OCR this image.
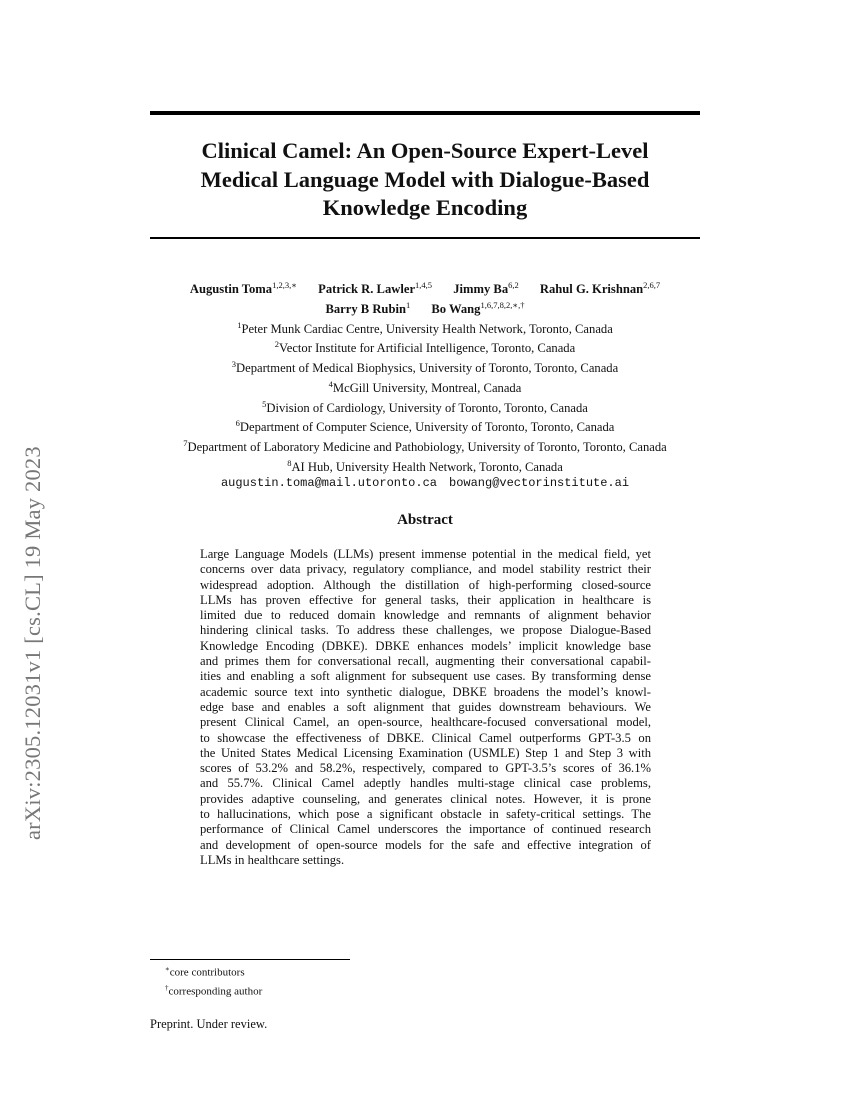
arXiv:2305.12031v1 [cs.CL] 19 May 2023
Clinical Camel: An Open-Source Expert-Level
Medical Language Model with Dialogue-Based
Knowledge Encoding
Augustin Toma$^{1,2,3,∗}$ Patrick R. Lawler$^{1,4,5}$ Jimmy Ba$^{6,2}$ Rahul G. Krishnan$^{2,6,7}$
Barry B Rubin$^1$ Bo Wang$^{1,6,7,8,2,∗,\dagger}$
$^1$Peter Munk Cardiac Centre, University Health Network, Toronto, Canada
$^2$Vector Institute for Artificial Intelligence, Toronto, Canada
$^3$Department of Medical Biophysics, University of Toronto, Toronto, Canada
$^4$McGill University, Montreal, Canada
$^5$Division of Cardiology, University of Toronto, Toronto, Canada
$^6$Department of Computer Science, University of Toronto, Toronto, Canada
$^7$Department of Laboratory Medicine and Pathobiology, University of Toronto, Toronto, Canada
$^8$AI Hub, University Health Network, Toronto, Canada
augustin.toma@mail.utoronto.ca bowang@vectorinstitute.ai
Abstract
Large Language Models (LLMs) present immense potential in the medical field, yet
concerns over data privacy, regulatory compliance, and model stability restrict their
widespread adoption. Although the distillation of high-performing closed-source
LLMs has proven effective for general tasks, their application in healthcare is
limited due to reduced domain knowledge and remnants of alignment behavior
hindering clinical tasks. To address these challenges, we propose Dialogue-Based
Knowledge Encoding (DBKE). DBKE enhances models’ implicit knowledge base
and primes them for conversational recall, augmenting their conversational capabil-
ities and enabling a soft alignment for subsequent use cases. By transforming dense
academic source text into synthetic dialogue, DBKE broadens the model’s knowl-
edge base and enables a soft alignment that guides downstream behaviours. We
present Clinical Camel, an open-source, healthcare-focused conversational model,
to showcase the effectiveness of DBKE. Clinical Camel outperforms GPT-3.5 on
the United States Medical Licensing Examination (USMLE) Step 1 and Step 3 with
scores of 53.2% and 58.2%, respectively, compared to GPT-3.5’s scores of 36.1%
and 55.7%. Clinical Camel adeptly handles multi-stage clinical case problems,
provides adaptive counseling, and generates clinical notes. However, it is prone
to hallucinations, which pose a significant obstacle in safety-critical settings. The
performance of Clinical Camel underscores the importance of continued research
and development of open-source models for the safe and effective integration of
LLMs in healthcare settings.
∗core contributors
†corresponding author
Preprint. Under review.
